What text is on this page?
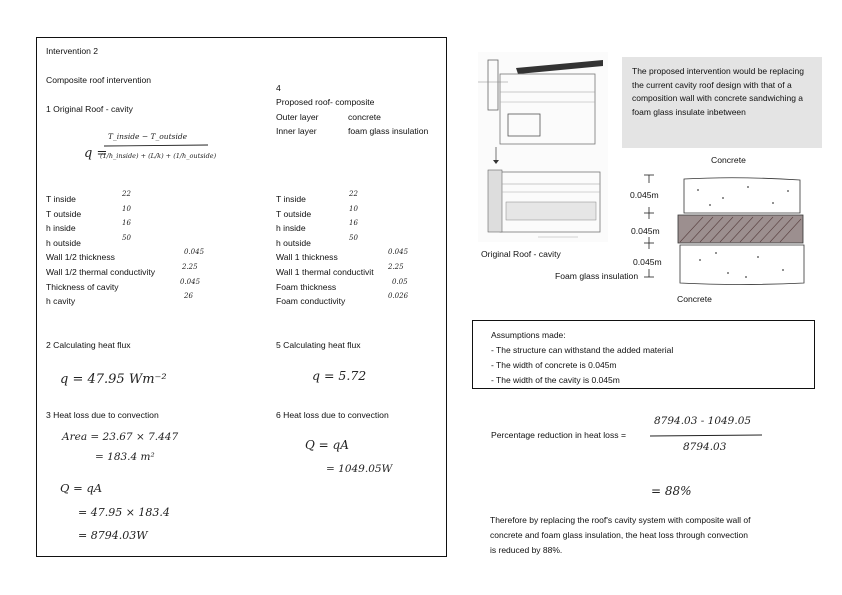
Intervention 2
Composite roof intervention
1 Original Roof - cavity
q =
T_inside − T_outside
(1/h_inside) + (L/k) + (1/h_outside)
T inside	22
T outside	10
h inside	16
h outside	50
Wall 1/2 thickness	0.045
Wall 1/2 thermal conductivity	2.25
Thickness of cavity	0.045
h cavity	26
2 Calculating heat flux
q = 47.95 Wm⁻²
3 Heat loss due to convection
Area = 23.67 × 7.447
= 183.4 m²
Q = qA
= 47.95 × 183.4
= 8794.03W
4
Proposed roof- composite
Outer layer	concrete
Inner layer	foam glass insulation
T inside	22
T outside	10
h inside	16
h outside	50
Wall 1 thickness	0.045
Wall 1 thermal conductivit 2.25
Foam thickness	0.05
Foam conductivity	0.026
5 Calculating heat flux
q = 5.72
6 Heat loss due to convection
Q = qA
= 1049.05W
Original Roof - cavity

The proposed intervention would be replacing the current cavity roof design with that of a composition wall with concrete sandwiching a foam glass insulate inbetween

Concrete
0.045m
0.045m
0.045m
Foam glass insulation
Concrete
Assumptions made:
- The structure can withstand the added material
- The width of concrete is 0.045m
- The width of the cavity is 0.045m
Percentage reduction in heat loss =
8794.03 - 1049.05
8794.03
= 88%
Therefore by replacing the roof's cavity system with composite wall of concrete and foam glass insulation, the heat loss through convection is reduced by 88%.
